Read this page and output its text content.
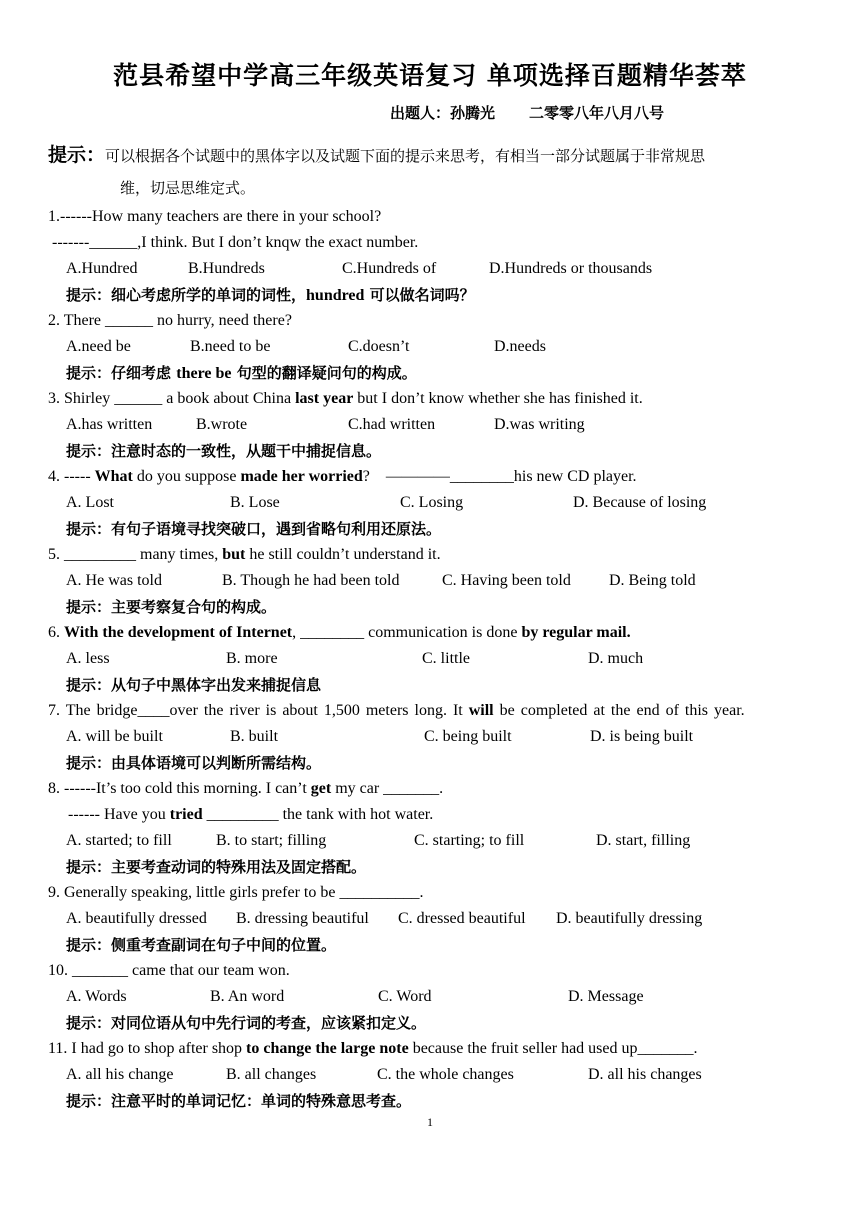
范县希望中学高三年级英语复习 单项选择百题精华荟萃
出题人：孙腾光 二零零八年八月八号
提示：可以根据各个试题中的黑体字以及试题下面的提示来思考，有相当一部分试题属于非常规思
维，切忌思维定式。
1.------How many teachers are there in your school?
-------______,I think. But I don’t knqw the exact number.
A.Hundred	B.Hundreds	C.Hundreds of	D.Hundreds or thousands
提示：细心考虑所学的单词的词性，hundred 可以做名词吗？
2. There ______ no hurry, need there?
A.need be	B.need to be	C.doesn’t	D.needs
提示：仔细考虑 there be 句型的翻译疑问句的构成。
3. Shirley ______ a book about China last year but I don’t know whether she has finished it.
A.has written	B.wrote	C.had written	D.was writing
提示：注意时态的一致性，从题干中捕捉信息。
4. ----- What do you suppose made her worried?    ————________his new CD player.
A. Lost	B. Lose	C. Losing	D. Because of losing
提示：有句子语境寻找突破口，遇到省略句利用还原法。
5. _________ many times, but he still couldn’t understand it.
A. He was told	B. Though he had been told	C. Having been told D. Being told
提示：主要考察复合句的构成。
6. With the development of Internet, ________ communication is done by regular mail.
A. less	B. more	C. little	D. much
提示：从句子中黑体字出发来捕捉信息
7. The bridge____over the river is about 1,500 meters long. It will be completed at the end of this year.
A. will be built	B. built	C. being built	D. is being built
提示：由具体语境可以判断所需结构。
8. ------It’s too cold this morning. I can’t get my car _______.
------ Have you tried _________ the tank with hot water.
A. started; to fill	B. to start; filling	C. starting; to fill	D. start, filling
提示：主要考查动词的特殊用法及固定搭配。
9. Generally speaking, little girls prefer to be __________.
A. beautifully dressed B. dressing beautiful C. dressed beautiful D. beautifully dressing
提示：侧重考查副词在句子中间的位置。
10. _______ came that our team won.
A. Words	B. An word	C. Word	D. Message
提示：对同位语从句中先行词的考查，应该紧扣定义。
11. I had go to shop after shop to change the large note because the fruit seller had used up_______.
A. all his change	B. all changes	C. the whole changes	D. all his changes
提示：注意平时的单词记忆：单词的特殊意思考查。
1
